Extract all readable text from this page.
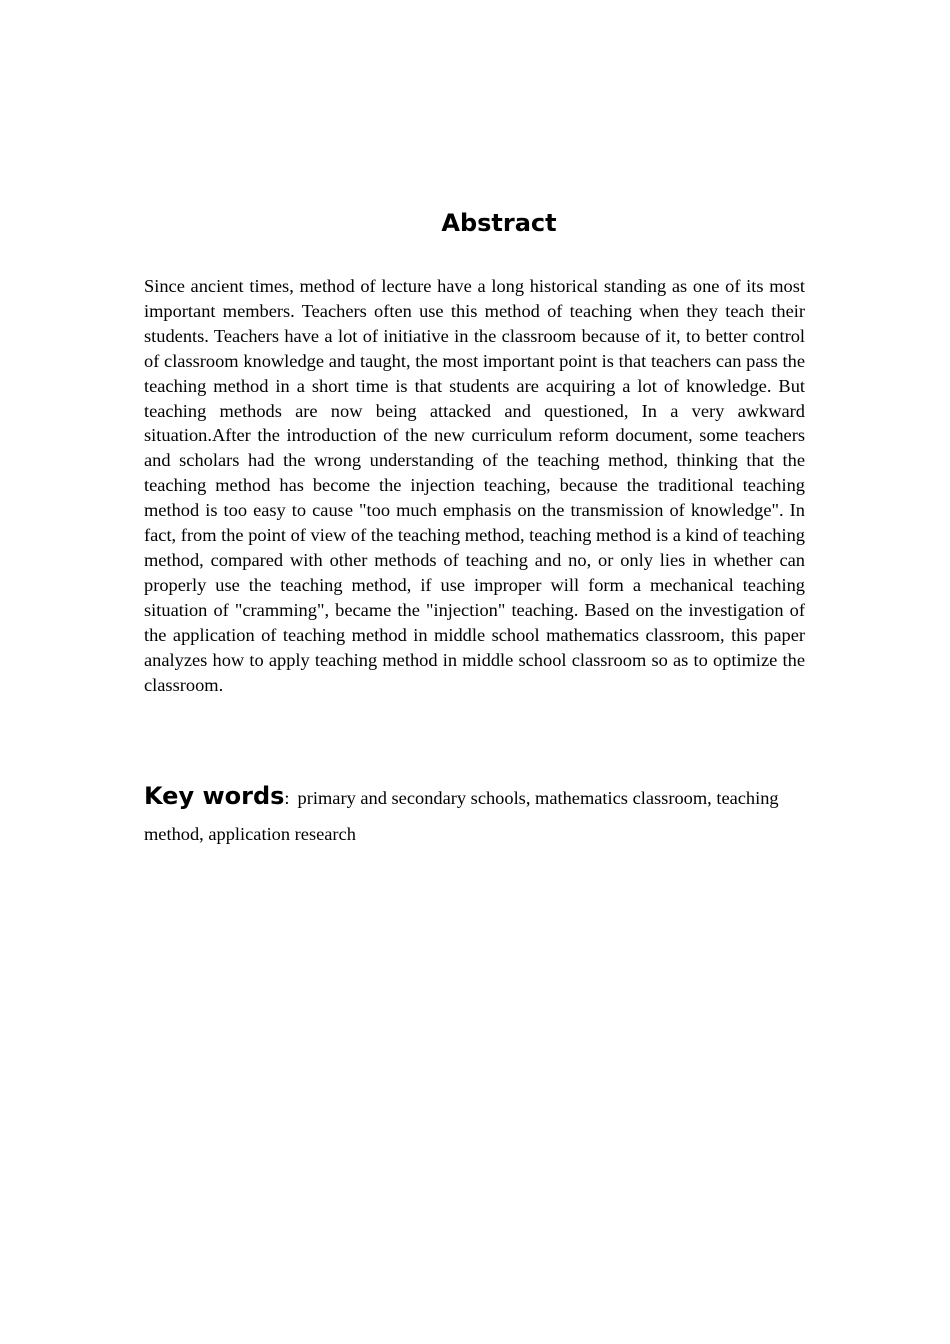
Abstract

Since ancient times, method of lecture have a long historical standing as one of its most important members. Teachers often use this method of teaching when they teach their students. Teachers have a lot of initiative in the classroom because of it, to better control of classroom knowledge and taught, the most important point is that teachers can pass the teaching method in a short time is that students are acquiring a lot of knowledge. But teaching methods are now being attacked and questioned, In a very awkward situation.After the introduction of the new curriculum reform document, some teachers and scholars had the wrong understanding of the teaching method, thinking that the teaching method has become the injection teaching, because the traditional teaching method is too easy to cause "too much emphasis on the transmission of knowledge". In fact, from the point of view of the teaching method, teaching method is a kind of teaching method, compared with other methods of teaching and no, or only lies in whether can properly use the teaching method, if use improper will form a mechanical teaching situation of "cramming", became the "injection" teaching. Based on the investigation of the application of teaching method in middle school mathematics classroom, this paper analyzes how to apply teaching method in middle school classroom so as to optimize the classroom.

Key words: primary and secondary schools, mathematics classroom, teaching method, application research
